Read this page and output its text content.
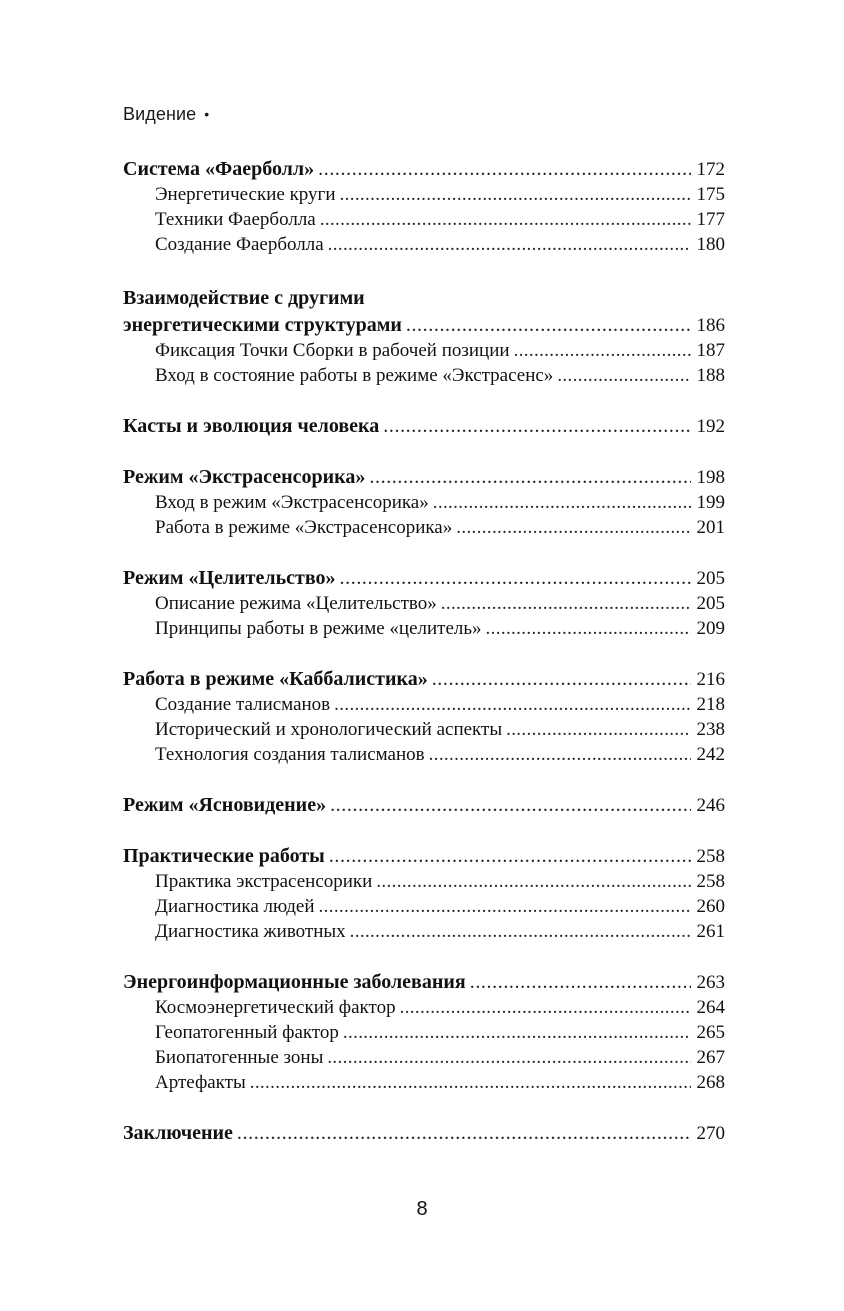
Видение •
Система «Фаерболл» . . .	172
Энергетические круги . . .	175
Техники Фаерболла . . .	177
Создание Фаерболла . . .	180
Взаимодействие с другими
энергетическими структурами . . .	186
Фиксация Точки Сборки в рабочей позиции . . .	187
Вход в состояние работы в режиме «Экстрасенс» . . .	188
Касты и эволюция человека . . .	192
Режим «Экстрасенсорика» . . .	198
Вход в режим «Экстрасенсорика» . . .	199
Работа в режиме «Экстрасенсорика» . . .	201
Режим «Целительство» . . .	205
Описание режима «Целительство» . . .	205
Принципы работы в режиме «целитель» . . .	209
Работа в режиме «Каббалистика» . . .	216
Создание талисманов . . .	218
Исторический и хронологический аспекты . . .	238
Технология создания талисманов . . .	242
Режим «Ясновидение» . . .	246
Практические работы . . .	258
Практика экстрасенсорики . . .	258
Диагностика людей . . .	260
Диагностика животных . . .	261
Энергоинформационные заболевания . . .	263
Космоэнергетический фактор . . .	264
Геопатогенный фактор . . .	265
Биопатогенные зоны . . .	267
Артефакты . . .	268
Заключение . . .	270
8
